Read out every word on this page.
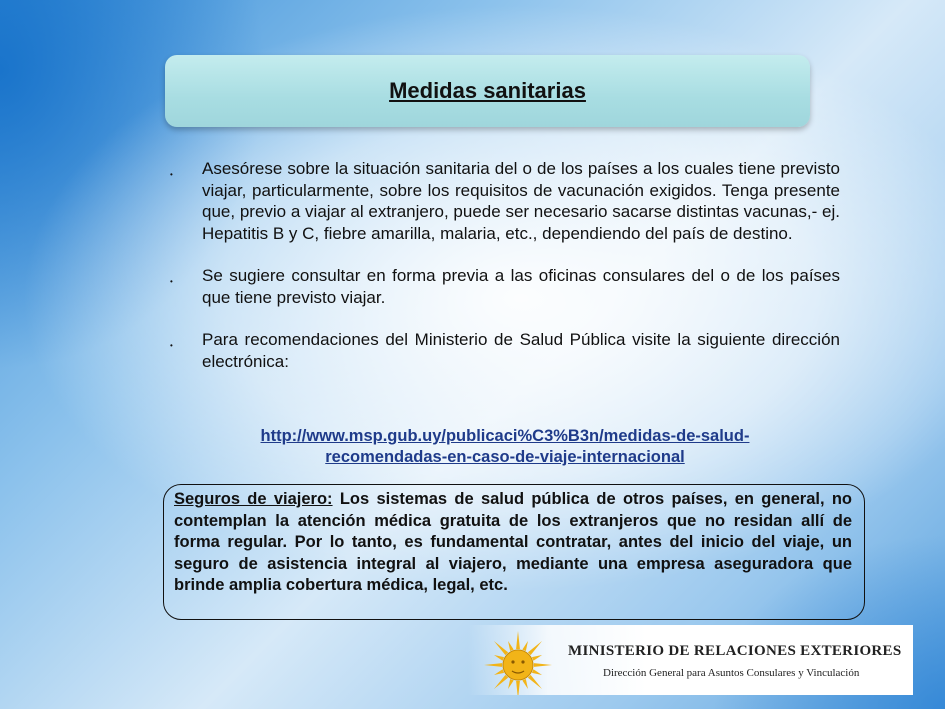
Medidas sanitarias
•	Asesórese sobre la situación sanitaria del o de los países a los cuales tiene previsto viajar, particularmente, sobre los requisitos de vacunación exigidos. Tenga presente que, previo a viajar al extranjero, puede ser necesario sacarse distintas vacunas,- ej. Hepatitis B y C, fiebre amarilla, malaria, etc., dependiendo del país de destino.
•	Se sugiere consultar en forma previa a las oficinas consulares del o de los países que tiene previsto viajar.
•	Para recomendaciones del Ministerio de Salud Pública visite la siguiente dirección electrónica:
http://www.msp.gub.uy/publicaci%C3%B3n/medidas-de-salud-
recomendadas-en-caso-de-viaje-internacional
Seguros de viajero: Los sistemas de salud pública de otros países, en general, no contemplan la atención médica gratuita de los extranjeros que no residan allí de forma regular. Por lo tanto, es fundamental contratar, antes del inicio del viaje, un seguro de asistencia integral al viajero, mediante una empresa aseguradora que brinde amplia cobertura médica, legal, etc.
MINISTERIO DE RELACIONES EXTERIORES
Dirección General para Asuntos Consulares y Vinculación
